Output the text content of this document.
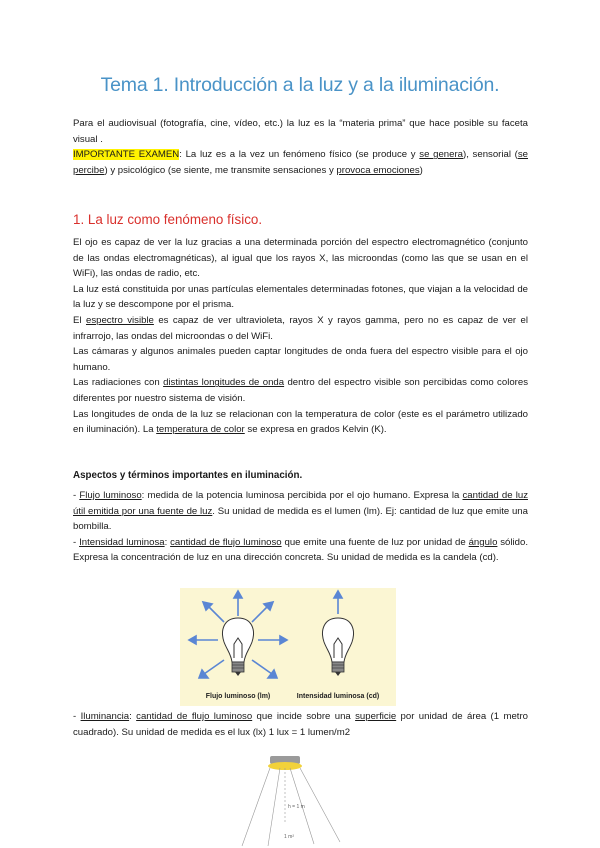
Tema 1. Introducción a la luz y a la iluminación.

Para el audiovisual (fotografía, cine, vídeo, etc.) la luz es la “materia prima” que hace posible su faceta visual .

IMPORTANTE EXAMEN: La luz es a la vez un fenómeno físico (se produce y se genera), sensorial (se percibe) y psicológico (se siente, me transmite sensaciones y provoca emociones)

1. La luz como fenómeno físico.

El ojo es capaz de ver la luz gracias a una determinada porción del espectro electromagnético (conjunto de las ondas electromagnéticas), al igual que los rayos X, las microondas (como las que se usan en el WiFi), las ondas de radio, etc.

La luz está constituida por unas partículas elementales determinadas fotones, que viajan a la velocidad de la luz y se descompone por el prisma.

El espectro visible es capaz de ver ultravioleta, rayos X y rayos gamma, pero no es capaz de ver el infrarrojo, las ondas del microondas o del WiFi.

Las cámaras y algunos animales pueden captar longitudes de onda fuera del espectro visible para el ojo humano.

Las radiaciones con distintas longitudes de onda dentro del espectro visible son percibidas como colores diferentes por nuestro sistema de visión.

Las longitudes de onda de la luz se relacionan con la temperatura de color (este es el parámetro utilizado en iluminación). La temperatura de color se expresa en grados Kelvin (K).

Aspectos y términos importantes en iluminación.

- Flujo luminoso: medida de la potencia luminosa percibida por el ojo humano. Expresa la cantidad de luz útil emitida por una fuente de luz. Su unidad de medida es el lumen (lm). Ej: cantidad de luz que emite una bombilla.

- Intensidad luminosa: cantidad de flujo luminoso que emite una fuente de luz por unidad de ángulo sólido. Expresa la concentración de luz en una dirección concreta. Su unidad de medida es la candela (cd).

Flujo luminoso (lm)	Intensidad luminosa (cd)

- Iluminancia: cantidad de flujo luminoso que incide sobre una superficie por unidad de área (1 metro cuadrado). Su unidad de medida es el lux (lx) 1 lux = 1 lumen/m2

h = 1 m
1 m²
